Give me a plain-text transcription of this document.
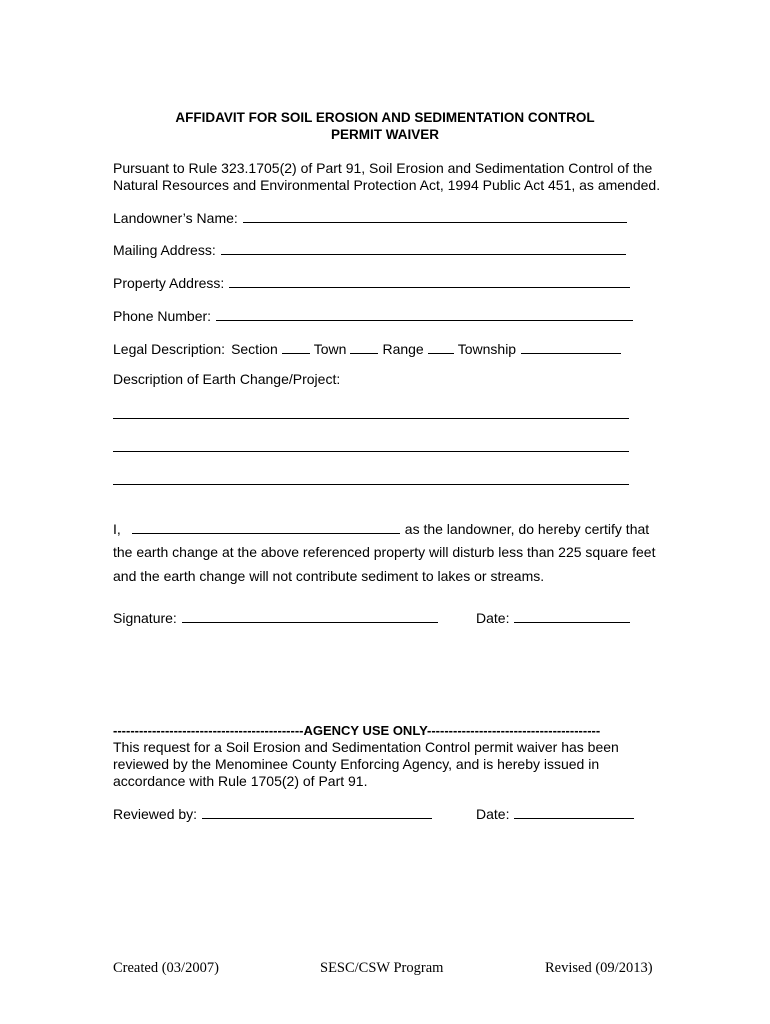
AFFIDAVIT FOR SOIL EROSION AND SEDIMENTATION CONTROL
PERMIT WAIVER
Pursuant to Rule 323.1705(2) of Part 91, Soil Erosion and Sedimentation Control of the
Natural Resources and Environmental Protection Act, 1994 Public Act 451, as amended.
Landowner’s Name:
Mailing Address:
Property Address:
Phone Number:
Legal Description: Section	Town	Range Township
Description of Earth Change/Project:
I,	as the landowner, do hereby certify that
the earth change at the above referenced property will disturb less than 225 square feet
and the earth change will not contribute sediment to lakes or streams.
Signature:	Date:
--------------------------------------------AGENCY USE ONLY----------------------------------------
This request for a Soil Erosion and Sedimentation Control permit waiver has been
reviewed by the Menominee County Enforcing Agency, and is hereby issued in
accordance with Rule 1705(2) of Part 91.
Reviewed by:	Date:
Created (03/2007)	SESC/CSW Program	Revised (09/2013)
